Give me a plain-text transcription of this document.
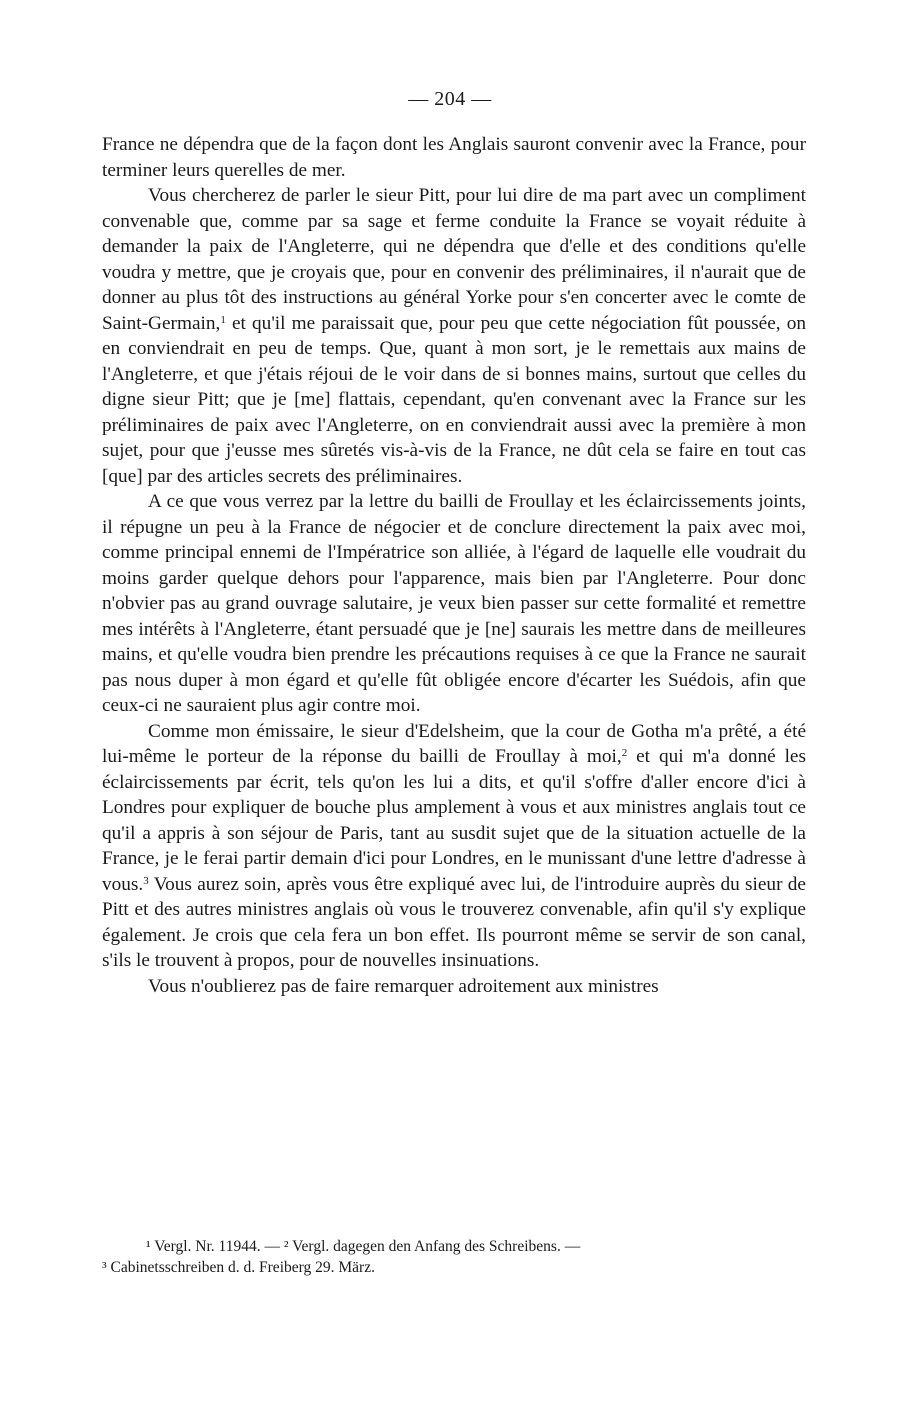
— 204 —

France ne dépendra que de la façon dont les Anglais sauront convenir avec la France, pour terminer leurs querelles de mer.

Vous chercherez de parler le sieur Pitt, pour lui dire de ma part avec un compliment convenable que, comme par sa sage et ferme conduite la France se voyait réduite à demander la paix de l'Angleterre, qui ne dépendra que d'elle et des conditions qu'elle voudra y mettre, que je croyais que, pour en convenir des préliminaires, il n'aurait que de donner au plus tôt des instructions au général Yorke pour s'en concerter avec le comte de Saint-Germain,$^1$ et qu'il me paraissait que, pour peu que cette négociation fût poussée, on en conviendrait en peu de temps. Que, quant à mon sort, je le remettais aux mains de l'Angleterre, et que j'étais réjoui de le voir dans de si bonnes mains, surtout que celles du digne sieur Pitt; que je [me] flattais, cependant, qu'en convenant avec la France sur les préliminaires de paix avec l'Angleterre, on en conviendrait aussi avec la première à mon sujet, pour que j'eusse mes sûretés vis-à-vis de la France, ne dût cela se faire en tout cas [que] par des articles secrets des préliminaires.

A ce que vous verrez par la lettre du bailli de Froullay et les éclaircissements joints, il répugne un peu à la France de négocier et de conclure directement la paix avec moi, comme principal ennemi de l'Impératrice son alliée, à l'égard de laquelle elle voudrait du moins garder quelque dehors pour l'apparence, mais bien par l'Angleterre. Pour donc n'obvier pas au grand ouvrage salutaire, je veux bien passer sur cette formalité et remettre mes intérêts à l'Angleterre, étant persuadé que je [ne] saurais les mettre dans de meilleures mains, et qu'elle voudra bien prendre les précautions requises à ce que la France ne saurait pas nous duper à mon égard et qu'elle fût obligée encore d'écarter les Suédois, afin que ceux-ci ne sauraient plus agir contre moi.

Comme mon émissaire, le sieur d'Edelsheim, que la cour de Gotha m'a prêté, a été lui-même le porteur de la réponse du bailli de Froullay à moi,$^2$ et qui m'a donné les éclaircissements par écrit, tels qu'on les lui a dits, et qu'il s'offre d'aller encore d'ici à Londres pour expliquer de bouche plus amplement à vous et aux ministres anglais tout ce qu'il a appris à son séjour de Paris, tant au susdit sujet que de la situation actuelle de la France, je le ferai partir demain d'ici pour Londres, en le munissant d'une lettre d'adresse à vous.$^3$ Vous aurez soin, après vous être expliqué avec lui, de l'introduire auprès du sieur de Pitt et des autres ministres anglais où vous le trouverez convenable, afin qu'il s'y explique également. Je crois que cela fera un bon effet. Ils pourront même se servir de son canal, s'ils le trouvent à propos, pour de nouvelles insinuations.

Vous n'oublierez pas de faire remarquer adroitement aux ministres

¹ Vergl. Nr. 11944. — ² Vergl. dagegen den Anfang des Schreibens. —
³ Cabinetsschreiben d. d. Freiberg 29. März.
